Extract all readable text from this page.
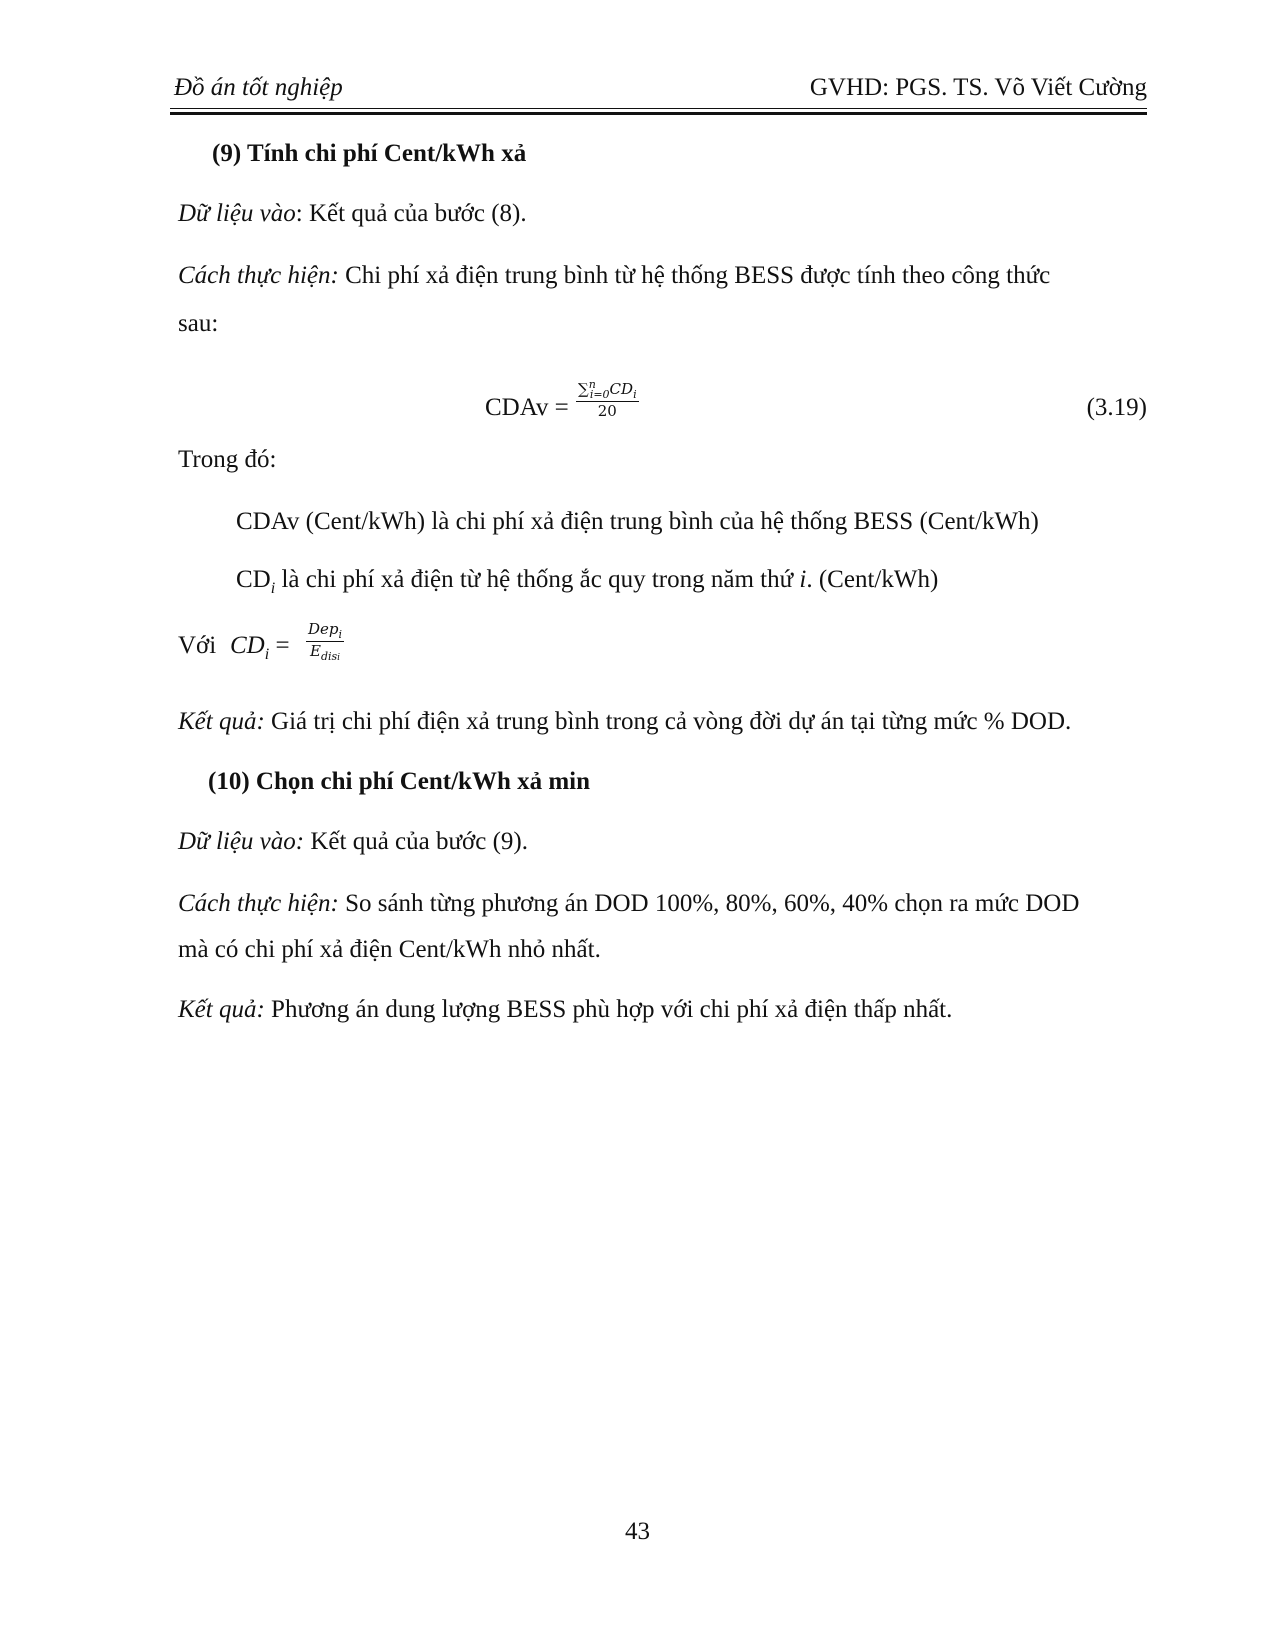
Đồ án tốt nghiệp	GVHD: PGS. TS. Võ Viết Cường
(9) Tính chi phí Cent/kWh xả
Dữ liệu vào: Kết quả của bước (8).
Cách thực hiện: Chi phí xả điện trung bình từ hệ thống BESS được tính theo công thức
sau:
CDAv =
$\sum^n_{i=0}CD_i$
20	(3.19)
Trong đó:
CDAv (Cent/kWh) là chi phí xả điện trung bình của hệ thống BESS (Cent/kWh)
$CD_i$ là chi phí xả điện từ hệ thống ắc quy trong năm thứ i. (Cent/kWh)
Với $CD_i$ =
Dep$_i$
$E_{disi}$
Kết quả: Giá trị chi phí điện xả trung bình trong cả vòng đời dự án tại từng mức % DOD.
(10) Chọn chi phí Cent/kWh xả min
Dữ liệu vào: Kết quả của bước (9).
Cách thực hiện: So sánh từng phương án DOD 100%, 80%, 60%, 40% chọn ra mức DOD
mà có chi phí xả điện Cent/kWh nhỏ nhất.
Kết quả: Phương án dung lượng BESS phù hợp với chi phí xả điện thấp nhất.
43
